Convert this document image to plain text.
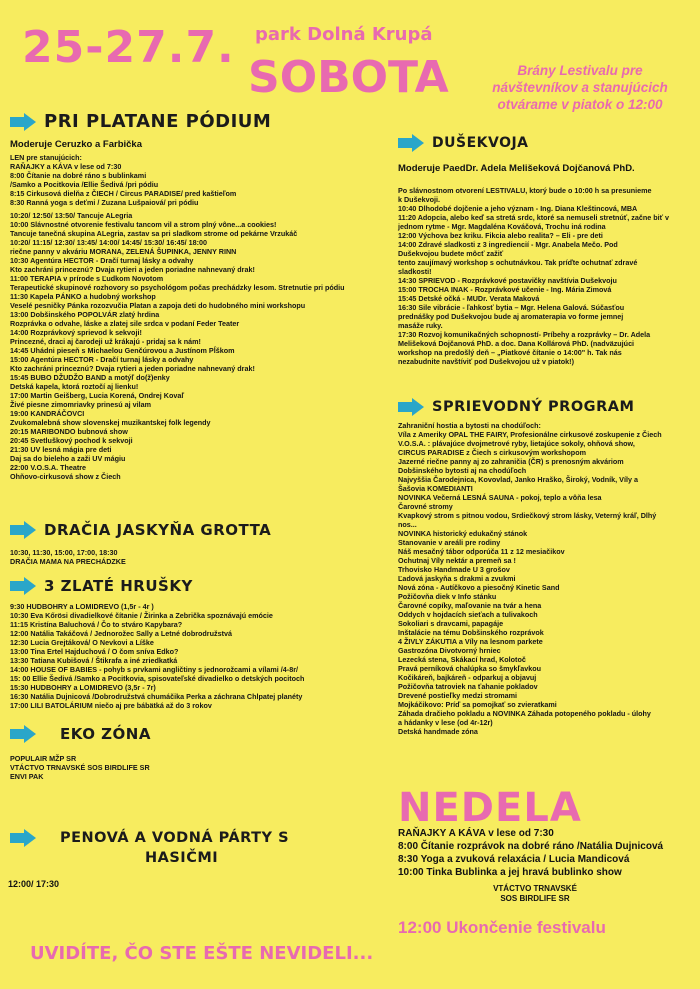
25-27.7. park Dolná Krupá
SOBOTA	Brány Lestivalu pre návštevníkov a stanujúcich otvárame v piatok o 12:00
PRI PLATANE PÓDIUM
Moderuje Ceruzko a Farbička
LEN pre stanujúcich:
RAŇAJKY a KÁVA v lese od 7:30
8:00 Čítanie na dobré ráno s bublinkami
/Samko a Pocitkovia /Ellie Šedivá /pri pódiu
8:15 Cirkusová dielňa z ČIECH / Circus PARADISE/ pred kaštieľom
8:30 Ranná yoga s deťmi / Zuzana Lušpaiová/ pri pódiu
10:20/ 12:50/ 13:50/ Tancuje ALegria
10:00 Slávnostné otvorenie festivalu tancom vil a strom plný vône...a cookies!
Tancuje tanečná skupina ALegria, zastav sa pri sladkom strome od pekárne Vrzukáč
10:20/ 11:15/ 12:30/ 13:45/ 14:00/ 14:45/ 15:30/ 16:45/ 18:00
riečne panny v akváriu MORANA, ZELENÁ ŠUPINKA, JENNY RINN
10:30 Agentúra HECTOR - Dračí turnaj lásky a odvahy
Kto zachráni princeznú? Dvaja rytieri a jeden poriadne nahnevaný drak!
11:00 TERAPIA v prírode s Ľudkom Novotom
Terapeutické skupinové rozhovory so psychológom počas prechádzky lesom. Stretnutie pri pódiu
11:30 Kapela PÁNKO a hudobný workshop
Veselé pesničky Pánka rozozvučia Platan a zapoja deti do hudobného mini workshopu
13:00 Dobšinského POPOLVÁR zlatý hrdina
Rozprávka o odvahe, láske a zlatej sile srdca v podaní Feder Teater
14:00 Rozprávkový sprievod k sekvoji!
Princezné, draci aj čarodeji už krákajú - pridaj sa k nám!
14:45 Uhádni pieseň s Michaelou Genčúrovou a Justínom Pĺškom
15:00 Agentúra HECTOR - Dračí turnaj lásky a odvahy
Kto zachráni princeznú? Dvaja rytieri a jeden poriadne nahnevaný drak!
15:45 BUBO DŽUDŽO BAND a motýľ do(ž)enky
Detská kapela, ktorá roztočí aj lienku!
17:00 Martin Geišberg, Lucia Korená, Ondrej Kovaľ
Živé piesne zimomriavky prinesú aj vilam
19:00 KANDRÁČOVCI
Zvukomalebná show slovenskej muzikantskej folk legendy
20:15 MARIBONDO bubnová show
20:45 Svetluškový pochod k sekvoji
21:30 UV lesná mágia pre deti
Daj sa do bieleho a zaži UV mágiu
22:00 V.O.S.A. Theatre
Ohňovo-cirkusová show z Čiech
DRAČIA JASKYŇA GROTTA
10:30, 11:30, 15:00, 17:00, 18:30
DRAČIA MAMA NA PRECHÁDZKE
3 ZLATÉ HRUŠKY
9:30 HUDBOHRY a LOMIDREVO (1,5r - 4r )
10:30 Eva Kőrösi divadielkové čítanie / Žirinka a Zebrička spoznávajú emócie
11:15 Kristína Baluchová / Čo to stváro Kapybara?
12:00 Natália Takáčová / Jednorožec Sally a Letné dobrodružstvá
12:30 Lucia Grejtáková/ O Nevkovi a Líške
13:00 Tina Ertel Hajduchová / O čom snívа Edko?
13:30 Tatiana Kubišová / Štikrafa a iné zriedkatká
14:00 HOUSE OF BABIES - pohyb s prvkami angličtiny s jednorožcami a vílami /4-8r/
15: 00 Ellie Šedivá /Samko a Pocitkovia, spisovateľské divadielko o detských pocitoch
15:30 HUDBOHRY a LOMIDREVO (3,5r - 7r)
16:30 Natália Dujnicová /Dobrodružstvá chumáčika Perka a záchrana Chlpatej planéty
17:00 LILI BATOLÁRIUM niečo aj pre bábätká až do 3 rokov
EKO ZÓNA
POPULAIR MŽP SR
VTÁCTVO TRNAVSKÉ SOS BIRDLIFE SR
ENVI PAK
PENOVÁ A VODNÁ PÁRTY S
HASIČMI
12:00/ 17:30
UVIDÍTE, ČO STE EŠTE NEVIDELI...
DUŠEKVOJA
Moderuje PaedDr. Adela Melišeková Dojčanová PhD.
Po slávnostnom otvorení LESTIVALU, ktorý bude o 10:00 h sa presunieme
k Dušekvoji.
10:40 Dlhodobé dojčenie a jeho význam - Ing. Diana Kleštincová, MBA
11:20 Adopcia, alebo keď sa stretá srdc, ktoré sa nemuseli stretnúť, začne biť v
jednom rytme - Mgr. Magdaléna Kováčová, Trochu iná rodina
12:00 Výchova bez kriku. Fikcia alebo realita? – Eli - pre deti
14:00 Zdravé sladkosti z 3 ingrediencií - Mgr. Anabela Mečo. Pod
Dušekvojou budete môcť zažiť
tento zaujímavý workshop s ochutnávkou. Tak príďte ochutnať zdravé
sladkosti!
14:30 SPRIEVOD - Rozprávkové postavičky navštívia Dušekvoju
15:00 TROCHA INAK - Rozprávkové učenie - Ing. Mária Zimová
15:45 Detské očká - MUDr. Verata Maková
16:30 Sile vibrácie - ľahkosť bytia – Mgr. Helena Galová. Súčasťou
prednášky pod Dušekvojou bude aj aromaterapia vo forme jemnej
masáže ruky.
17:30 Rozvoj komunikačných schopností- Príbehy a rozprávky – Dr. Adela
Melišeková Dojčanová PhD. a doc. Dana Kollárová PhD. (nadväzujúci
workshop na predošlý deň – „Piatkové čítanie o 14:00" h. Tak nás
nezabudnite navštíviť pod Dušekvojou už v piatok!)
SPRIEVODNÝ PROGRAM
Zahraniční hostia a bytosti na chodúľoch:
Víla z Ameriky OPAL THE FAIRY, Profesionálne cirkusové zoskupenie z Čiech
V.O.S.A. : plávajúce dvojmetrové ryby, lietajúce sokoly, ohňová show,
CIRCUS PARADISE z Čiech s cirkusovým workshopom
Jazerné riečne panny aj zo zahraničia (ČR) s prenosným akváriom
Dobšinského bytosti aj na chodúľoch
Najvyššia Čarodejnica, Kovovlad, Janko Hraško, Široký, Vodník, Víly a
Šašovia KOMEDIANTI
NOVINKA Večerná LESNÁ SAUNA - pokoj, teplo a vôňa lesa
Čarovné stromy
Kvapkový strom s pitnou vodou, Srdiečkový strom lásky, Veterný kráľ, Dlhý
nos...
NOVINKA historický edukačný stánok
Stanovanie v areáli pre rodiny
Náš mesačný tábor odporúča 11 z 12 mesiačikov
Ochutnaj Víly nektár a premeň sa !
Trhovisko Handmade U 3 grošov
Ľadová jaskyňa s drakmi a zvukmi
Nová zóna - Autíčkovo a piesočný Kinetic Sand
Požičovňa diek v Info stánku
Čarovné copíky, maľovanie na tvár a hena
Oddych v hojdacích sieťach a tulivakoch
Sokoliari s dravcami, papagáje
Inštalácie na tému Dobšinského rozprávok
4 ŽIVLY ZÁKUTIA a Víly na lesnom parkete
Gastrozóna Divotvorný hrniec
Lezecká stena, Skákací hrad, Kolotoč
Pravá perníková chalúpka so šmykľavkou
Kočikáreň, bajkáreň - odparkuj a objavuj
Požičovňa tatroviek na ťahanie pokladov
Drevené postieľky medzi stromami
Mojkáčikovo: Príď sa pomojkať so zvieratkami
Záhada dračieho pokladu a NOVINKA Záhada potopeného pokladu - úlohy
a hádanky v lese (od 4r-12r)
Detská handmade zóna
NEDELA
RAŇAJKY A KÁVA v lese od 7:30
8:00 Čítanie rozprávok na dobré ráno /Natália Dujnicová
8:30 Yoga a zvuková relaxácia / Lucia Mandicová
10:00 Tinka Bublinka a jej hravá bublinko show
VTÁCTVO TRNAVSKÉ
SOS BIRDLIFE SR
12:00 Ukončenie festivalu
